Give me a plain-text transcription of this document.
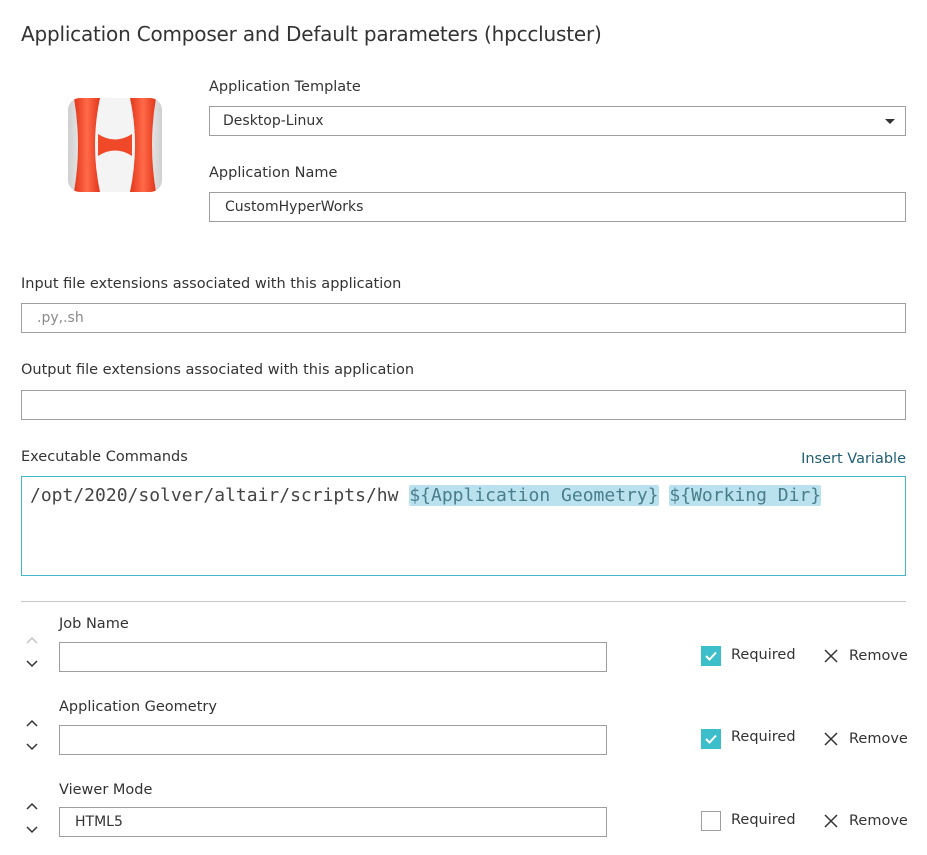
Application Composer and Default parameters (hpccluster)
Application Template
Desktop-Linux
Application Name
CustomHyperWorks
Input file extensions associated with this application
.py,.sh
Output file extensions associated with this application
Executable Commands	Insert Variable
/opt/2020/solver/altair/scripts/hw ${Application Geometry} ${Working Dir}
Job Name
Required	Remove
Application Geometry
Required	Remove
Viewer Mode
HTML5
Required	Remove
